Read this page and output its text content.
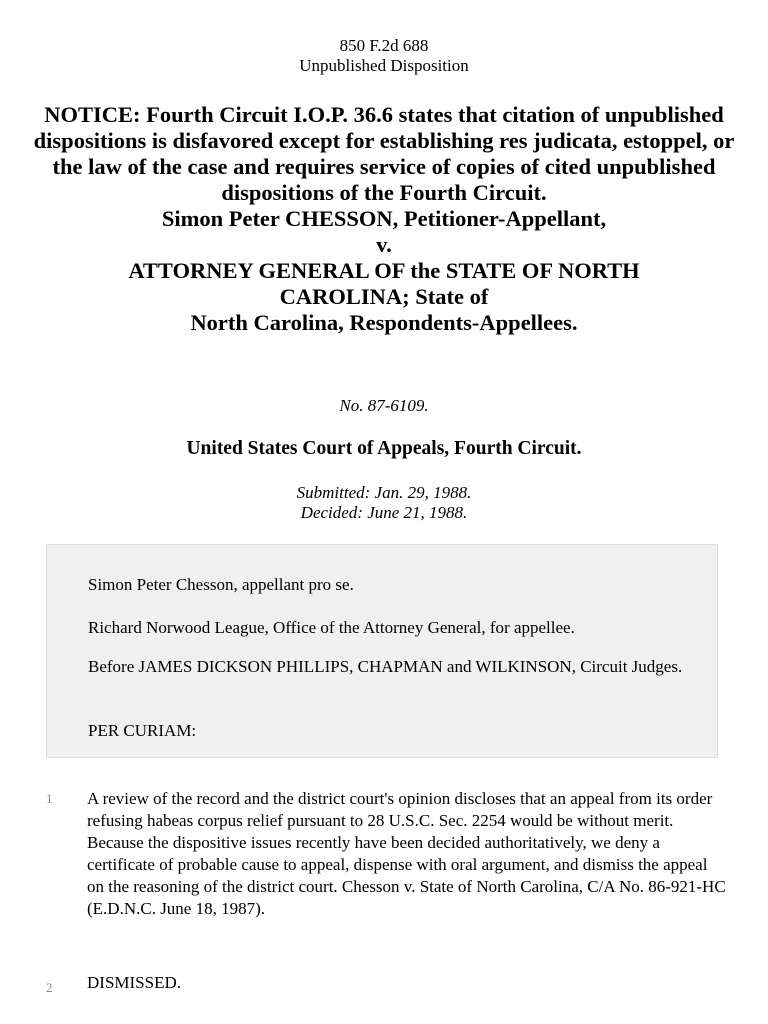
850 F.2d 688
Unpublished Disposition
NOTICE: Fourth Circuit I.O.P. 36.6 states that citation of unpublished dispositions is disfavored except for establishing res judicata, estoppel, or the law of the case and requires service of copies of cited unpublished dispositions of the Fourth Circuit.
Simon Peter CHESSON, Petitioner-Appellant,
v.
ATTORNEY GENERAL OF the STATE OF NORTH CAROLINA; State of
North Carolina, Respondents-Appellees.
No. 87-6109.
United States Court of Appeals, Fourth Circuit.
Submitted: Jan. 29, 1988.
Decided: June 21, 1988.

Simon Peter Chesson, appellant pro se.

Richard Norwood League, Office of the Attorney General, for appellee.

Before JAMES DICKSON PHILLIPS, CHAPMAN and WILKINSON, Circuit Judges.

PER CURIAM:

1 A review of the record and the district court's opinion discloses that an appeal from its order refusing habeas corpus relief pursuant to 28 U.S.C. Sec. 2254 would be without merit. Because the dispositive issues recently have been decided authoritatively, we deny a certificate of probable cause to appeal, dispense with oral argument, and dismiss the appeal on the reasoning of the district court. Chesson v. State of North Carolina, C/A No. 86-921-HC (E.D.N.C. June 18, 1987).
2 DISMISSED.
